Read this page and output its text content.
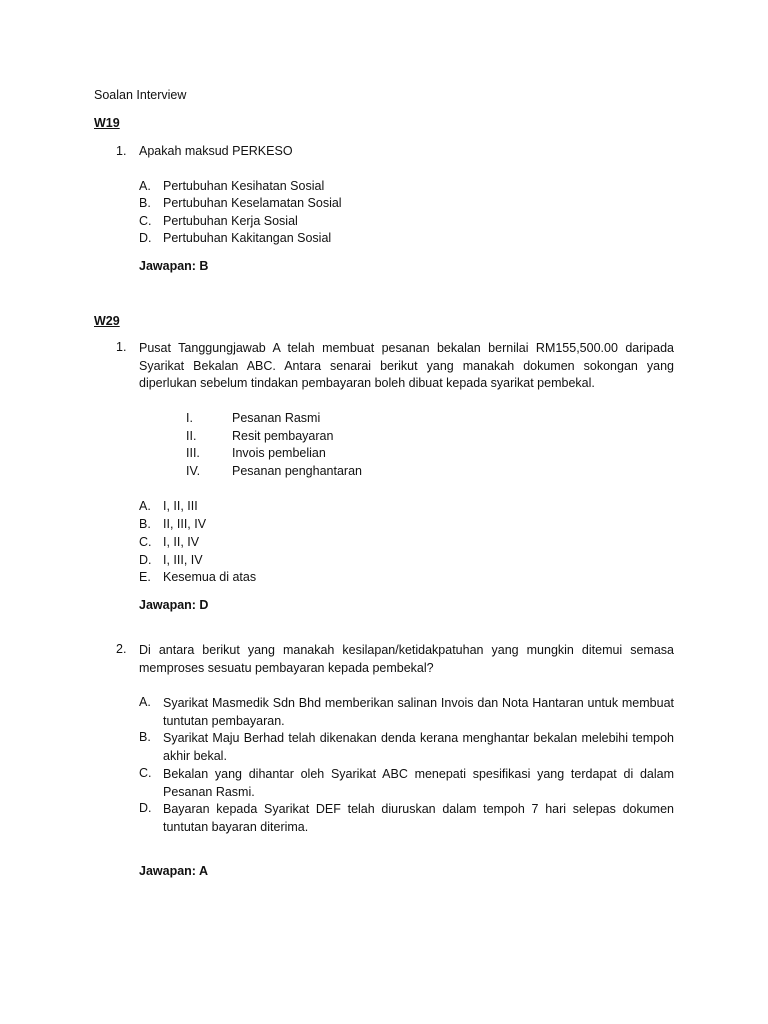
Soalan Interview
W19
1. Apakah maksud PERKESO
A. Pertubuhan Kesihatan Sosial
B. Pertubuhan Keselamatan Sosial
C. Pertubuhan Kerja Sosial
D. Pertubuhan Kakitangan Sosial
Jawapan: B
W29
1. Pusat Tanggungjawab A telah membuat pesanan bekalan bernilai RM155,500.00 daripada Syarikat Bekalan ABC. Antara senarai berikut yang manakah dokumen sokongan yang diperlukan sebelum tindakan pembayaran boleh dibuat kepada syarikat pembekal.
I.	Pesanan Rasmi
II.	Resit pembayaran
III.	Invois pembelian
IV.	Pesanan penghantaran
A. I, II, III
B. II, III, IV
C. I, II, IV
D. I, III, IV
E. Kesemua di atas
Jawapan: D
2. Di antara berikut yang manakah kesilapan/ketidakpatuhan yang mungkin ditemui semasa memproses sesuatu pembayaran kepada pembekal?
A. Syarikat Masmedik Sdn Bhd memberikan salinan Invois dan Nota Hantaran untuk membuat tuntutan pembayaran.
B. Syarikat Maju Berhad telah dikenakan denda kerana menghantar bekalan melebihi tempoh akhir bekal.
C. Bekalan yang dihantar oleh Syarikat ABC menepati spesifikasi yang terdapat di dalam Pesanan Rasmi.
D. Bayaran kepada Syarikat DEF telah diuruskan dalam tempoh 7 hari selepas dokumen tuntutan bayaran diterima.
Jawapan: A
